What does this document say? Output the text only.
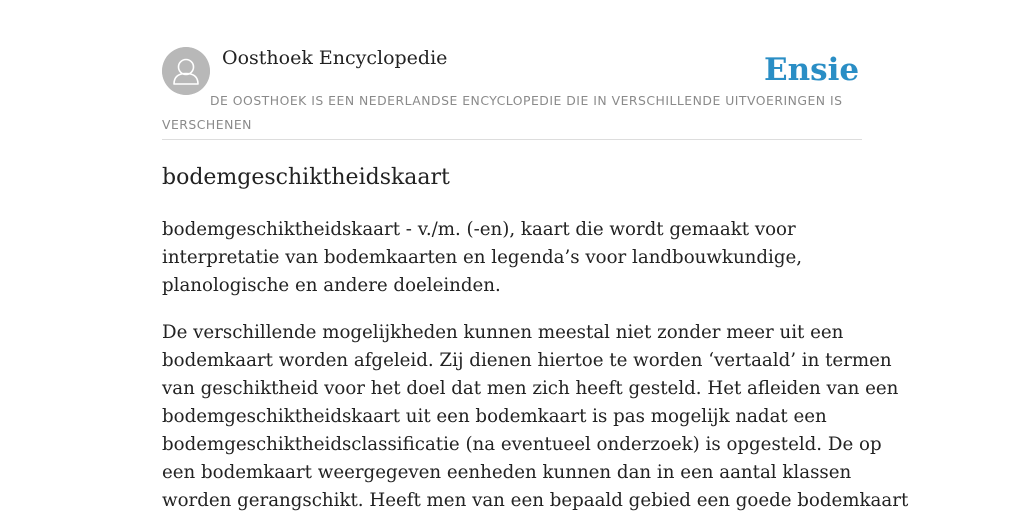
Oosthoek Encyclopedie	Ensie
DE OOSTHOEK IS EEN NEDERLANDSE ENCYCLOPEDIE DIE IN VERSCHILLENDE UITVOERINGEN IS VERSCHENEN
bodemgeschiktheidskaart

bodemgeschiktheidskaart - v./m. (-en), kaart die wordt gemaakt voor
interpretatie van bodemkaarten en legenda’s voor landbouwkundige,
planologische en andere doeleinden.

De verschillende mogelijkheden kunnen meestal niet zonder meer uit een
bodemkaart worden afgeleid. Zij dienen hiertoe te worden ‘vertaald’ in termen
van geschiktheid voor het doel dat men zich heeft gesteld. Het afleiden van een
bodemgeschiktheidskaart uit een bodemkaart is pas mogelijk nadat een
bodemgeschiktheidsclassificatie (na eventueel onderzoek) is opgesteld. De op
een bodemkaart weergegeven eenheden kunnen dan in een aantal klassen
worden gerangschikt. Heeft men van een bepaald gebied een goede bodemkaart
